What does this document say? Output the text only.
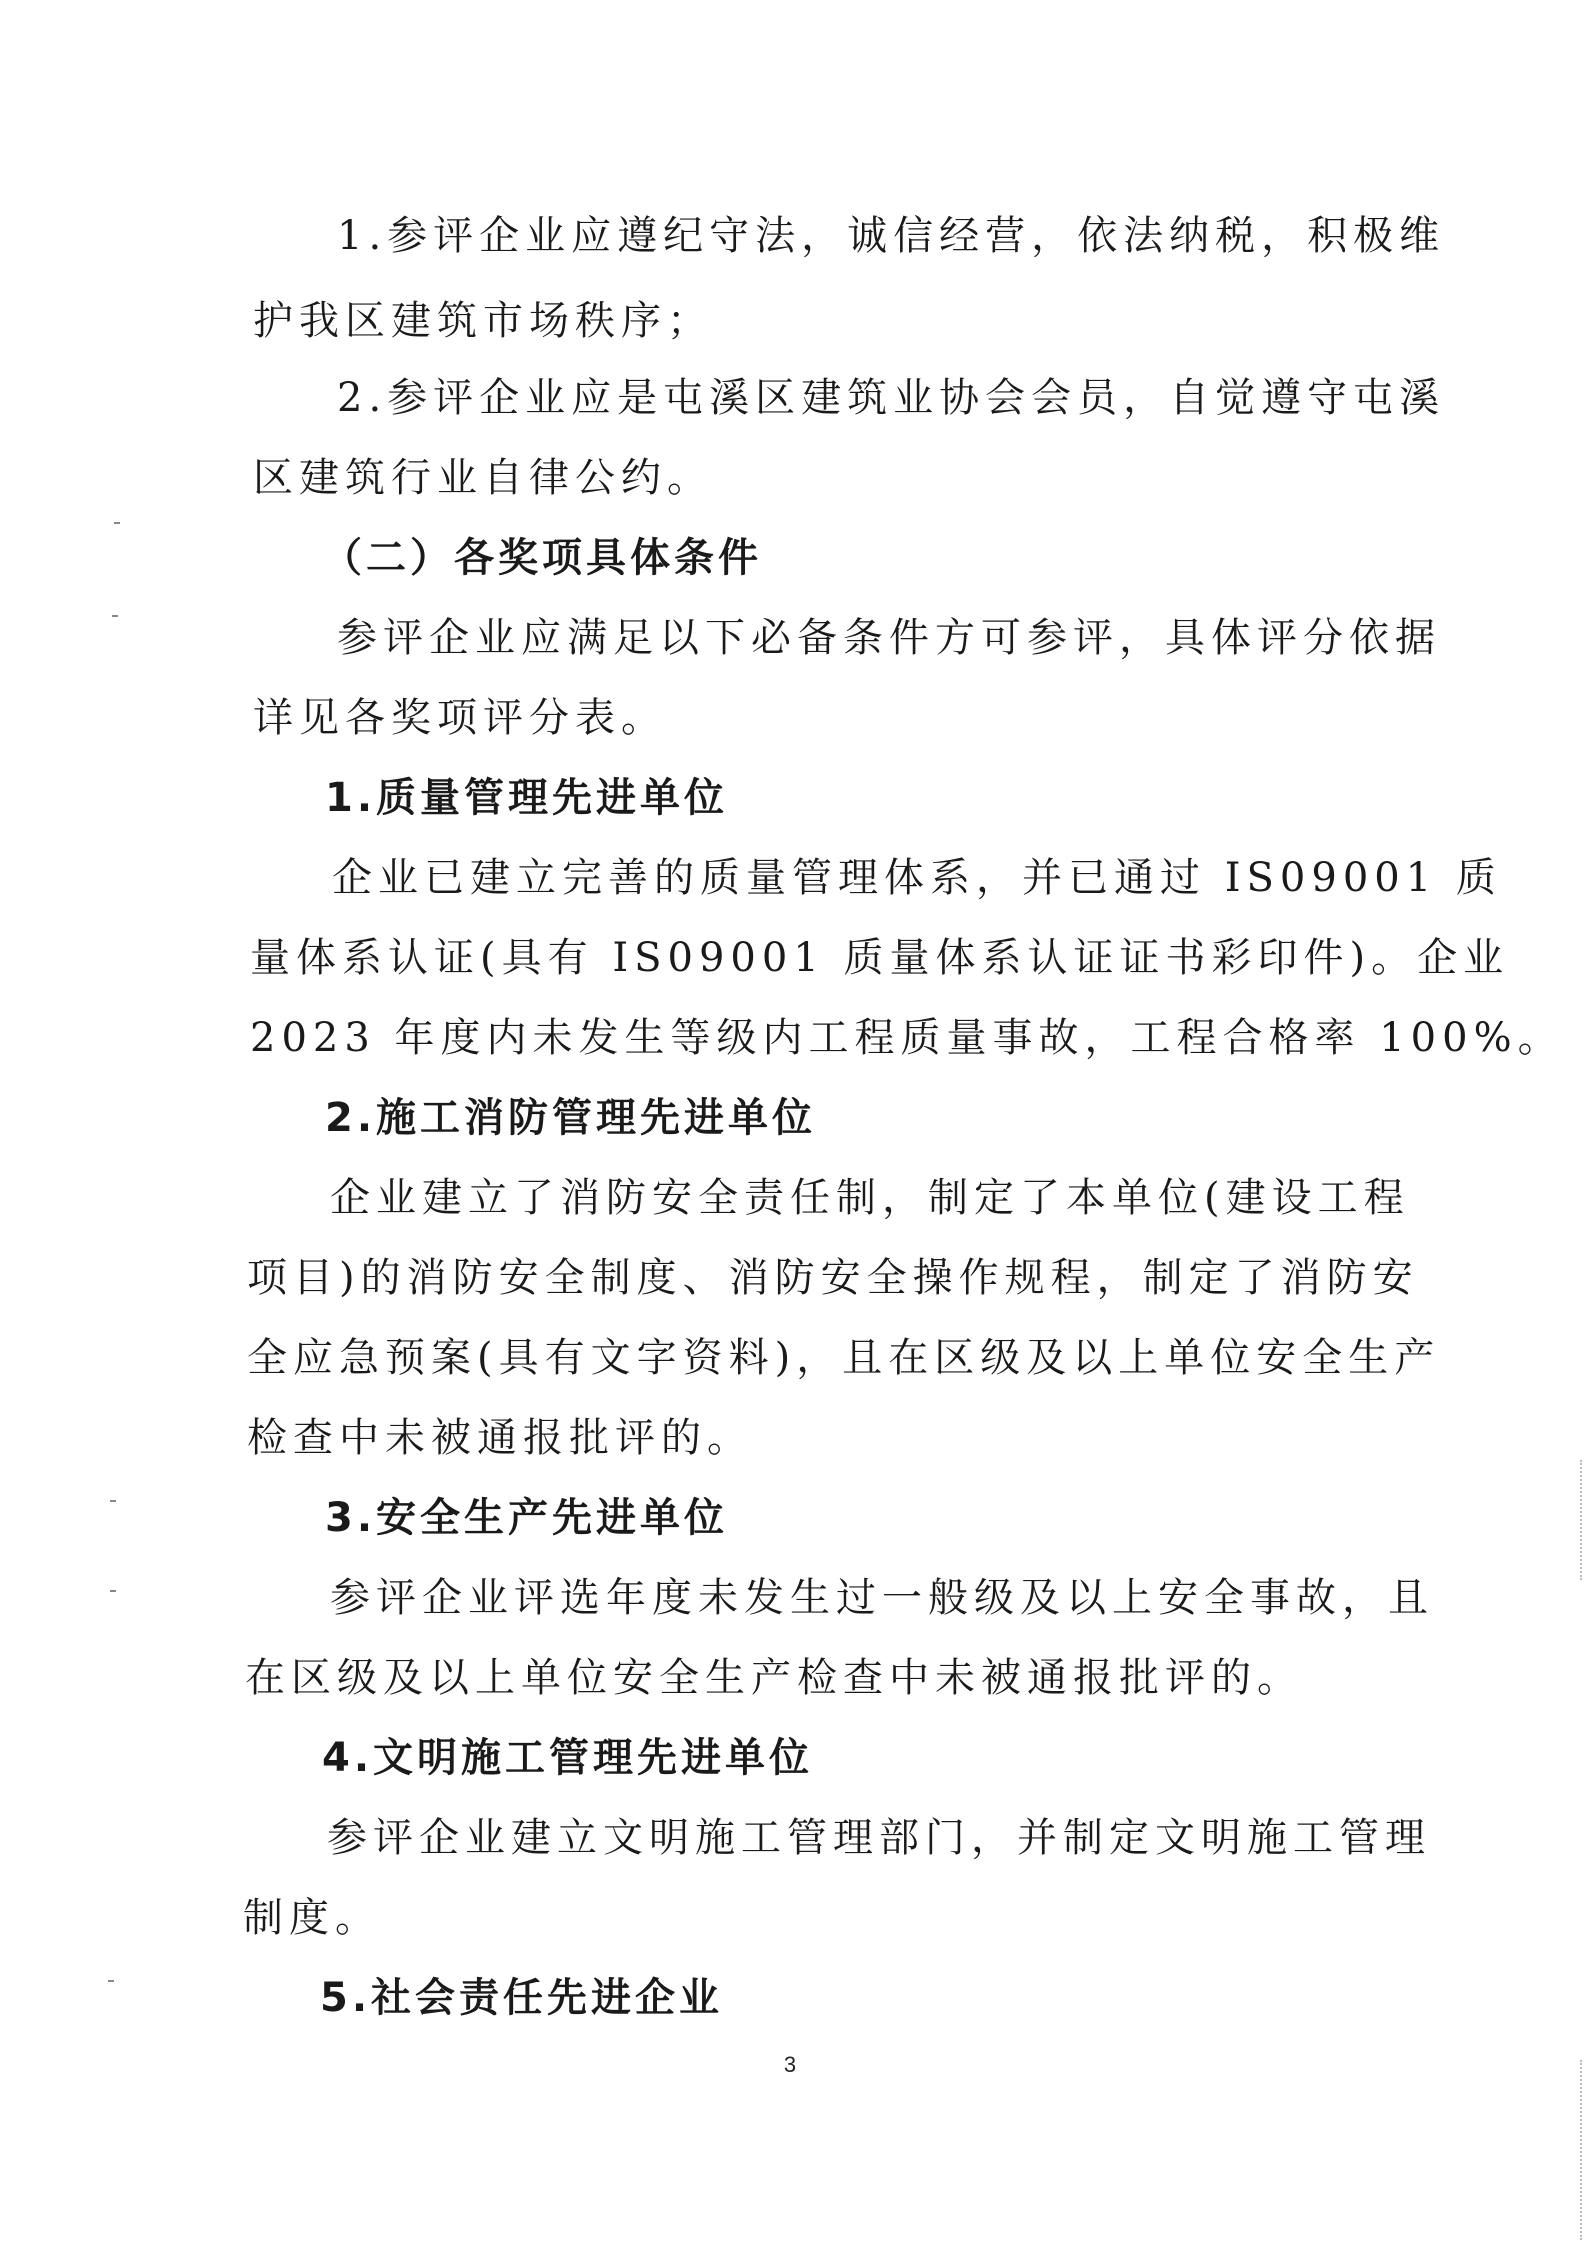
1.参评企业应遵纪守法，诚信经营，依法纳税，积极维
护我区建筑市场秩序；
2.参评企业应是屯溪区建筑业协会会员，自觉遵守屯溪
区建筑行业自律公约。
（二）各奖项具体条件
参评企业应满足以下必备条件方可参评，具体评分依据
详见各奖项评分表。
1.质量管理先进单位
企业已建立完善的质量管理体系，并已通过 IS09001 质
量体系认证(具有 IS09001 质量体系认证证书彩印件)。企业
2023 年度内未发生等级内工程质量事故，工程合格率 100%。
2.施工消防管理先进单位
企业建立了消防安全责任制，制定了本单位(建设工程
项目)的消防安全制度、消防安全操作规程，制定了消防安
全应急预案(具有文字资料)，且在区级及以上单位安全生产
检查中未被通报批评的。
3.安全生产先进单位
参评企业评选年度未发生过一般级及以上安全事故，且
在区级及以上单位安全生产检查中未被通报批评的。
4.文明施工管理先进单位
参评企业建立文明施工管理部门，并制定文明施工管理
制度。
5.社会责任先进企业
3
